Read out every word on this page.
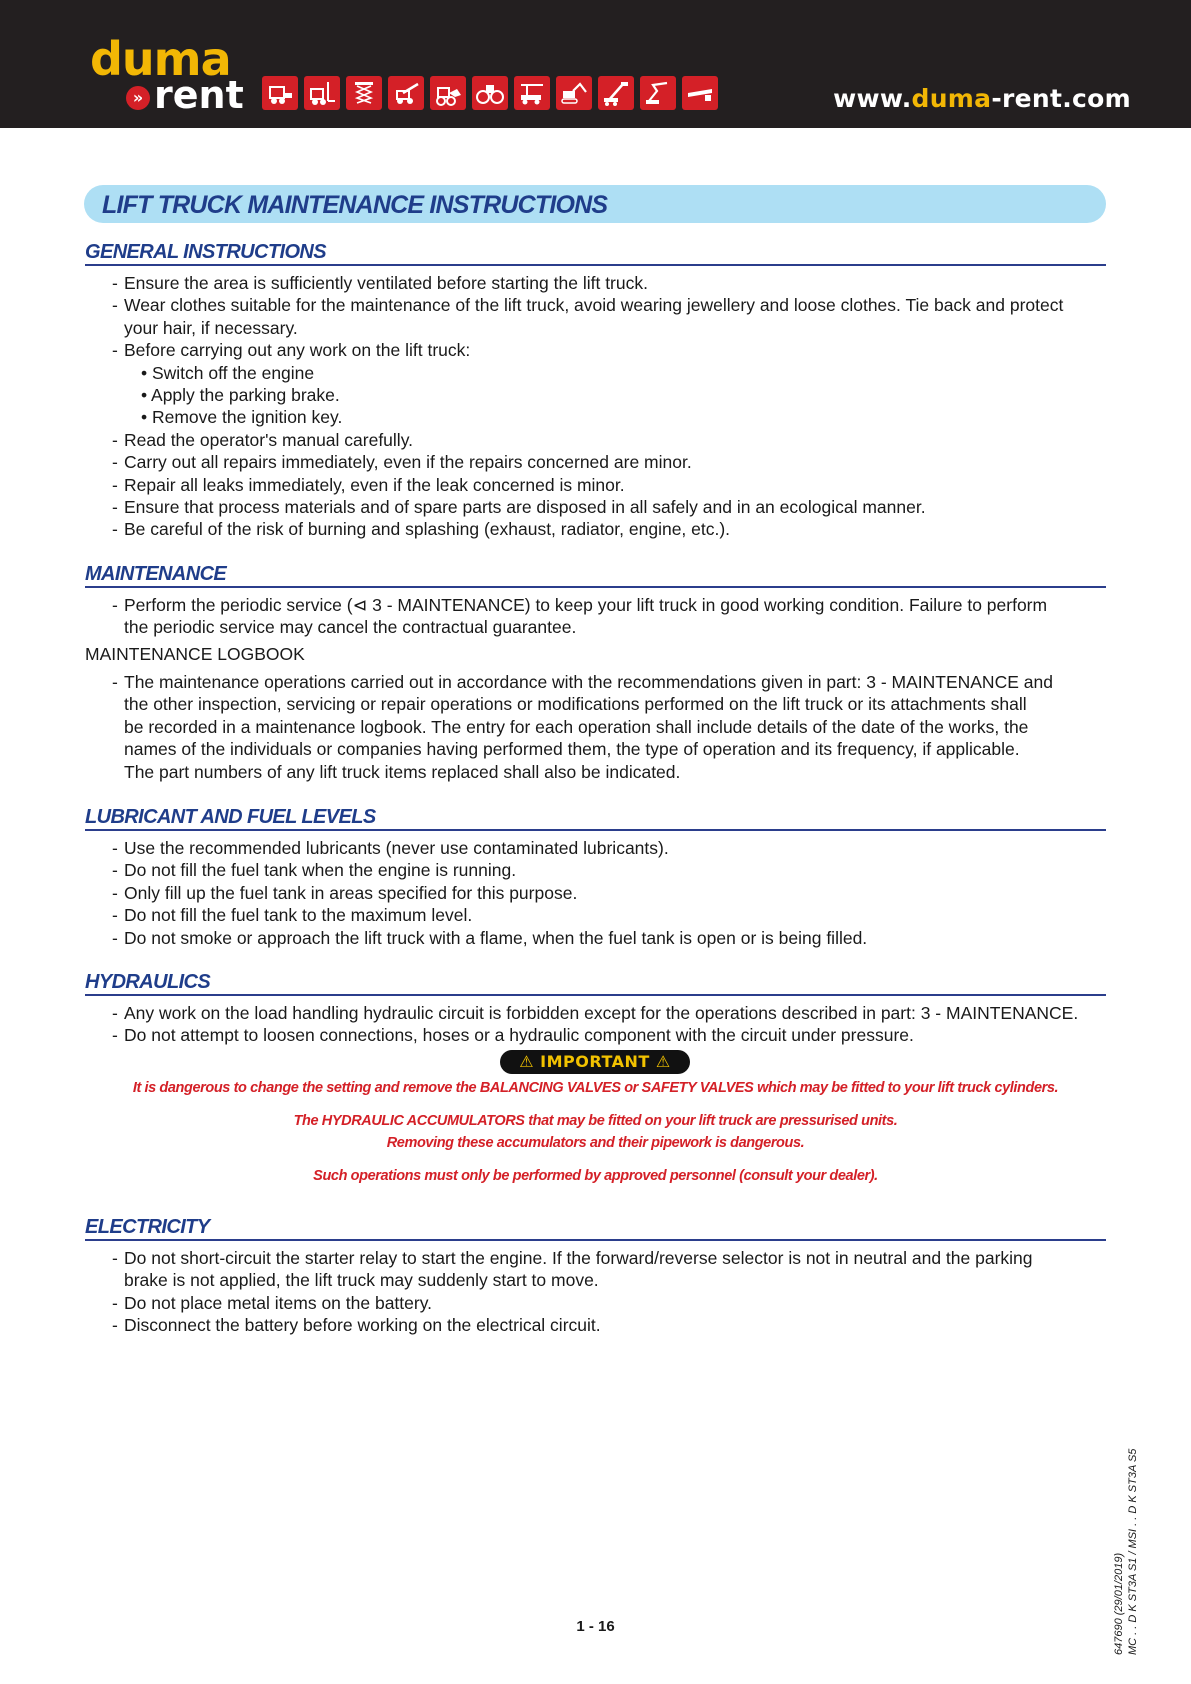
duma
» rent	www.duma-rent.com
LIFT TRUCK MAINTENANCE INSTRUCTIONS
GENERAL INSTRUCTIONS
- Ensure the area is sufficiently ventilated before starting the lift truck.
- Wear clothes suitable for the maintenance of the lift truck, avoid wearing jewellery and loose clothes. Tie back and protect
your hair, if necessary.
- Before carrying out any work on the lift truck:
• Switch off the engine
• Apply the parking brake.
• Remove the ignition key.
- Read the operator's manual carefully.
- Carry out all repairs immediately, even if the repairs concerned are minor.
- Repair all leaks immediately, even if the leak concerned is minor.
- Ensure that process materials and of spare parts are disposed in all safely and in an ecological manner.
- Be careful of the risk of burning and splashing (exhaust, radiator, engine, etc.).
MAINTENANCE
- Perform the periodic service (⊲ 3 - MAINTENANCE) to keep your lift truck in good working condition. Failure to perform
the periodic service may cancel the contractual guarantee.
MAINTENANCE LOGBOOK
- The maintenance operations carried out in accordance with the recommendations given in part: 3 - MAINTENANCE and
the other inspection, servicing or repair operations or modifications performed on the lift truck or its attachments shall
be recorded in a maintenance logbook. The entry for each operation shall include details of the date of the works, the
names of the individuals or companies having performed them, the type of operation and its frequency, if applicable.
The part numbers of any lift truck items replaced shall also be indicated.
LUBRICANT AND FUEL LEVELS
- Use the recommended lubricants (never use contaminated lubricants).
- Do not fill the fuel tank when the engine is running.
- Only fill up the fuel tank in areas specified for this purpose.
- Do not fill the fuel tank to the maximum level.
- Do not smoke or approach the lift truck with a flame, when the fuel tank is open or is being filled.
HYDRAULICS
- Any work on the load handling hydraulic circuit is forbidden except for the operations described in part: 3 - MAINTENANCE.
- Do not attempt to loosen connections, hoses or a hydraulic component with the circuit under pressure.
⚠ IMPORTANT ⚠
It is dangerous to change the setting and remove the BALANCING VALVES or SAFETY VALVES which may be fitted to your lift truck cylinders.
The HYDRAULIC ACCUMULATORS that may be fitted on your lift truck are pressurised units.
Removing these accumulators and their pipework is dangerous.
Such operations must only be performed by approved personnel (consult your dealer).
ELECTRICITY
- Do not short-circuit the starter relay to start the engine. If the forward/reverse selector is not in neutral and the parking
brake is not applied, the lift truck may suddenly start to move.
- Do not place metal items on the battery.
- Disconnect the battery before working on the electrical circuit.
1 - 16	647690 (29/01/2019) MC . . D K ST3A S1 / MSI . . D K ST3A S5
